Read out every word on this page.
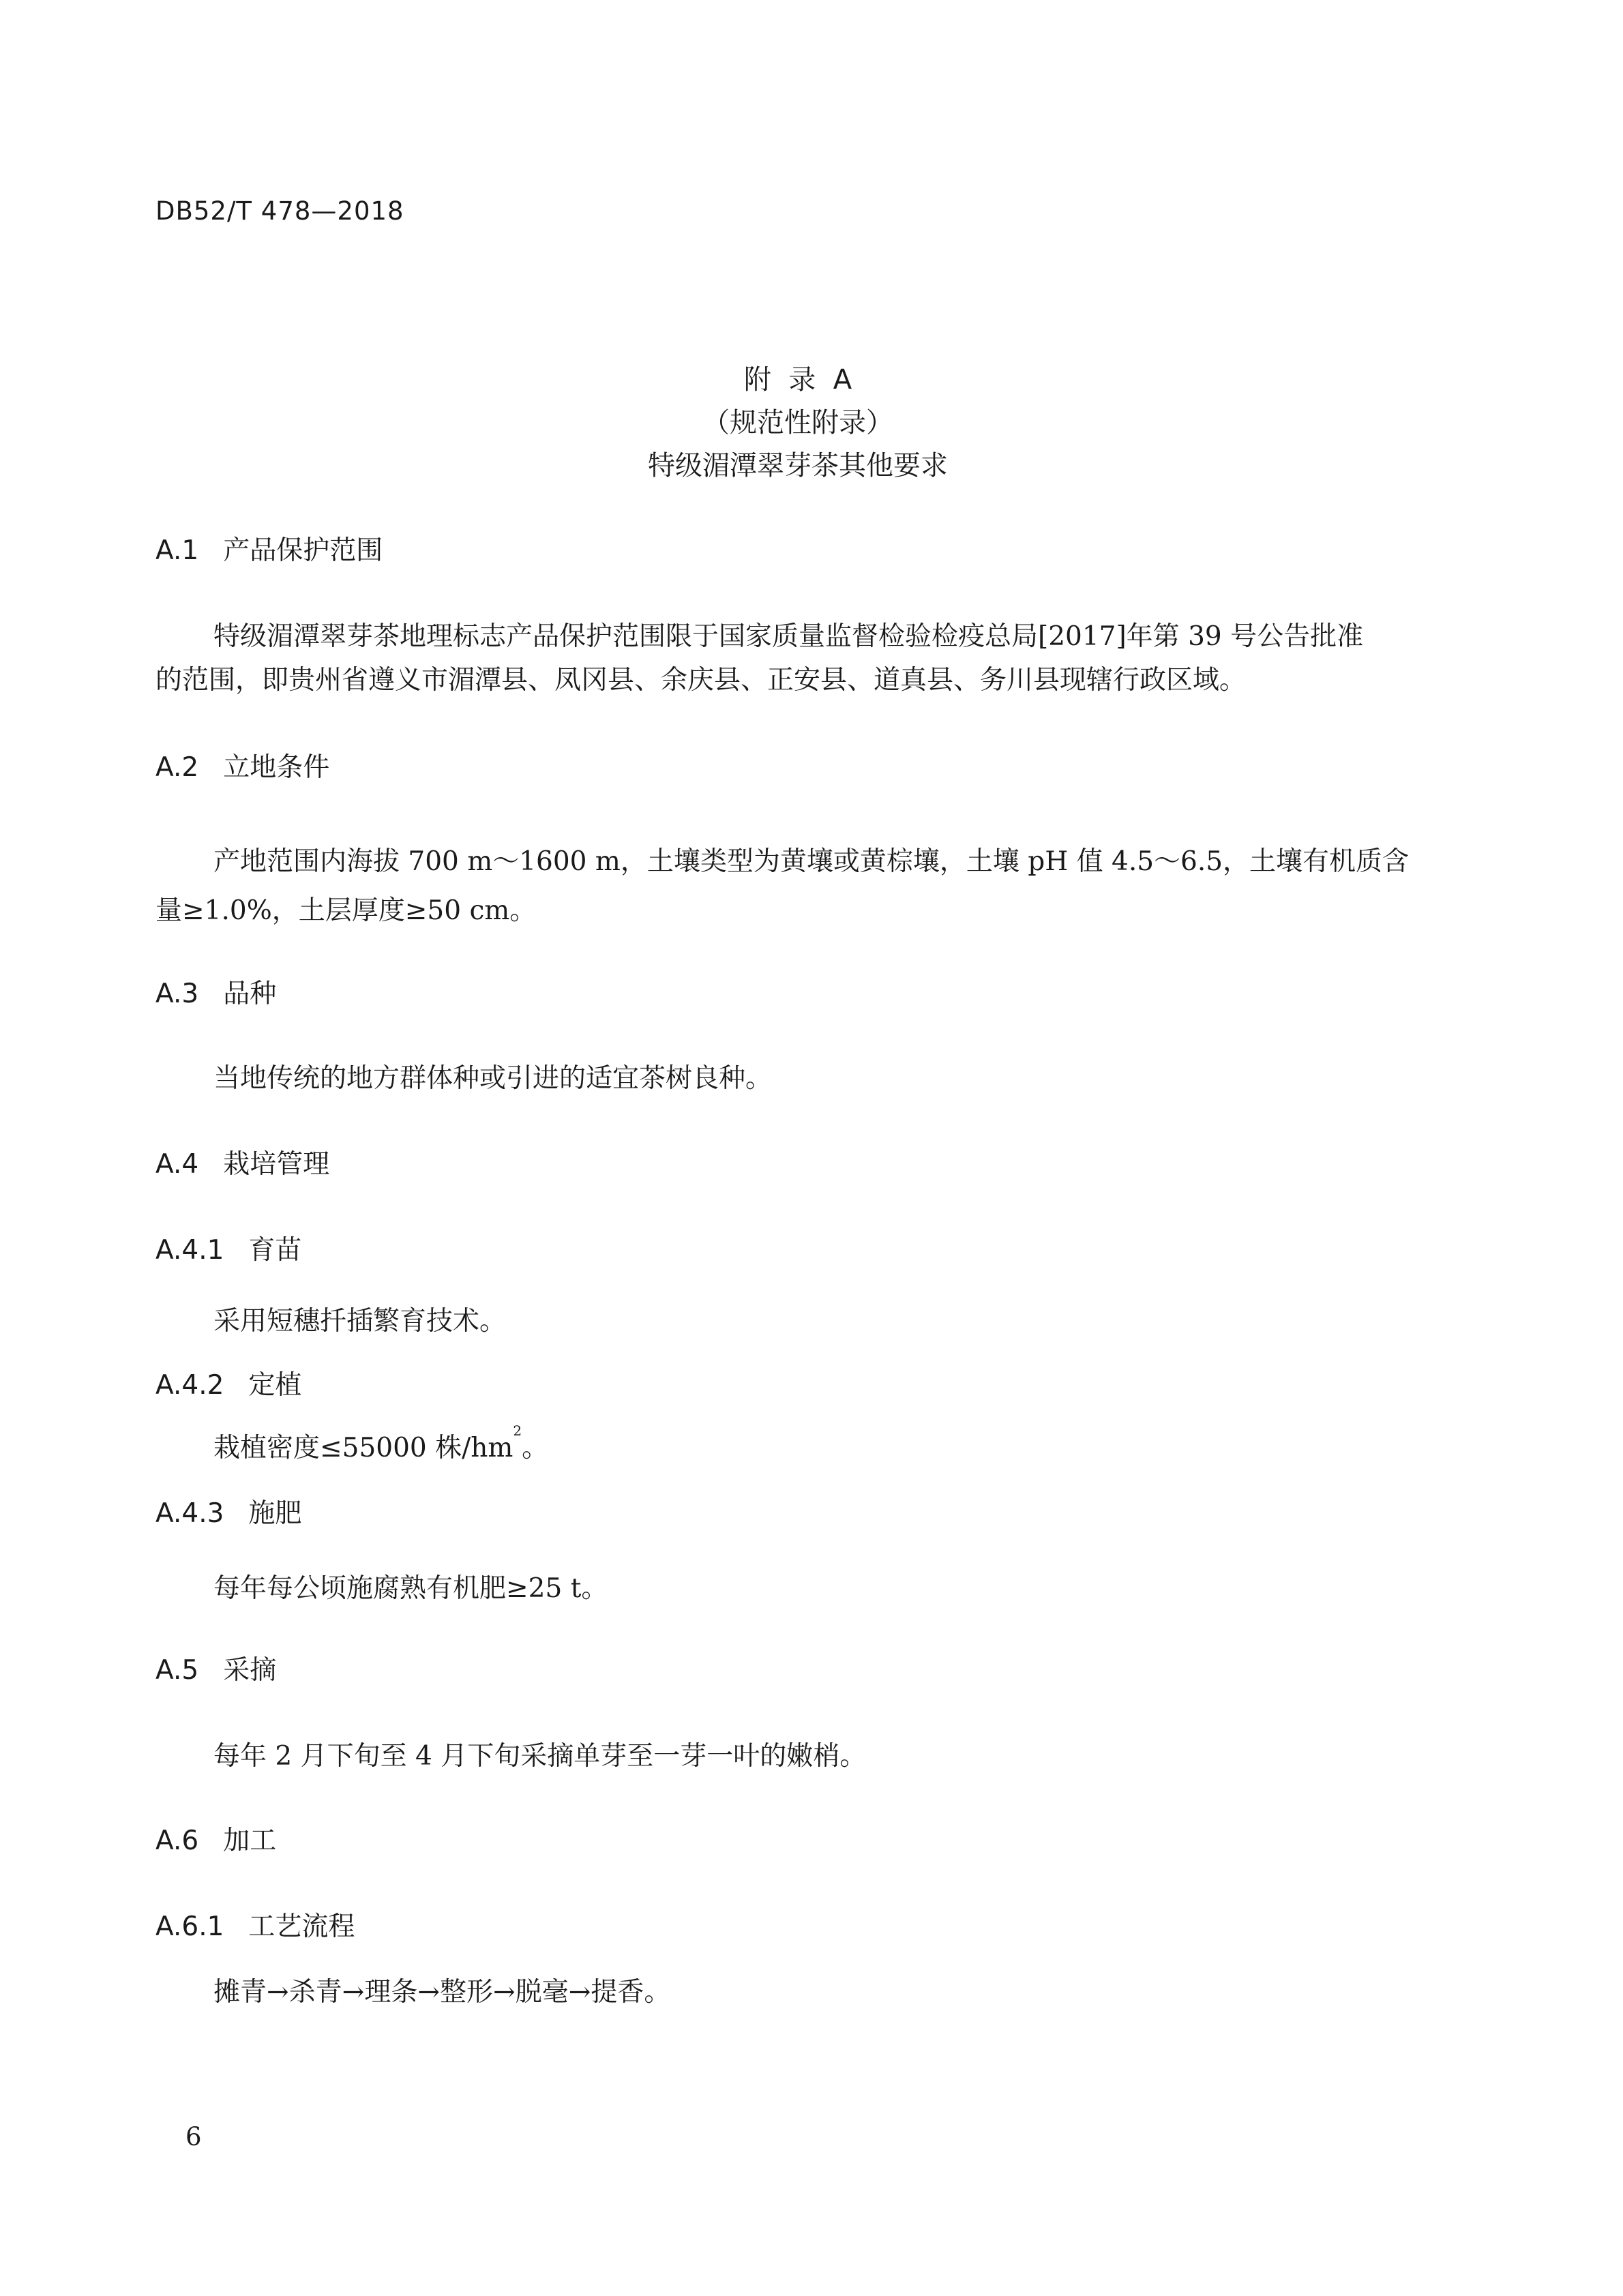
DB52/T 478—2018
附  录  A
（规范性附录）
特级湄潭翠芽茶其他要求
A.1 产品保护范围
特级湄潭翠芽茶地理标志产品保护范围限于国家质量监督检验检疫总局[2017]年第 39 号公告批准
的范围，即贵州省遵义市湄潭县、凤冈县、余庆县、正安县、道真县、务川县现辖行政区域。
A.2 立地条件
产地范围内海拔 700 m～1600 m，土壤类型为黄壤或黄棕壤，土壤 pH 值 4.5～6.5，土壤有机质含
量≥1.0%，土层厚度≥50 cm。
A.3 品种
当地传统的地方群体种或引进的适宜茶树良种。
A.4 栽培管理
A.4.1 育苗
采用短穗扦插繁育技术。
A.4.2 定植
栽植密度≤55000 株$/hm^2$。
A.4.3 施肥
每年每公顷施腐熟有机肥≥25 t。
A.5 采摘
每年 2 月下旬至 4 月下旬采摘单芽至一芽一叶的嫩梢。
A.6 加工
A.6.1 工艺流程
摊青→杀青→理条→整形→脱毫→提香。
6
